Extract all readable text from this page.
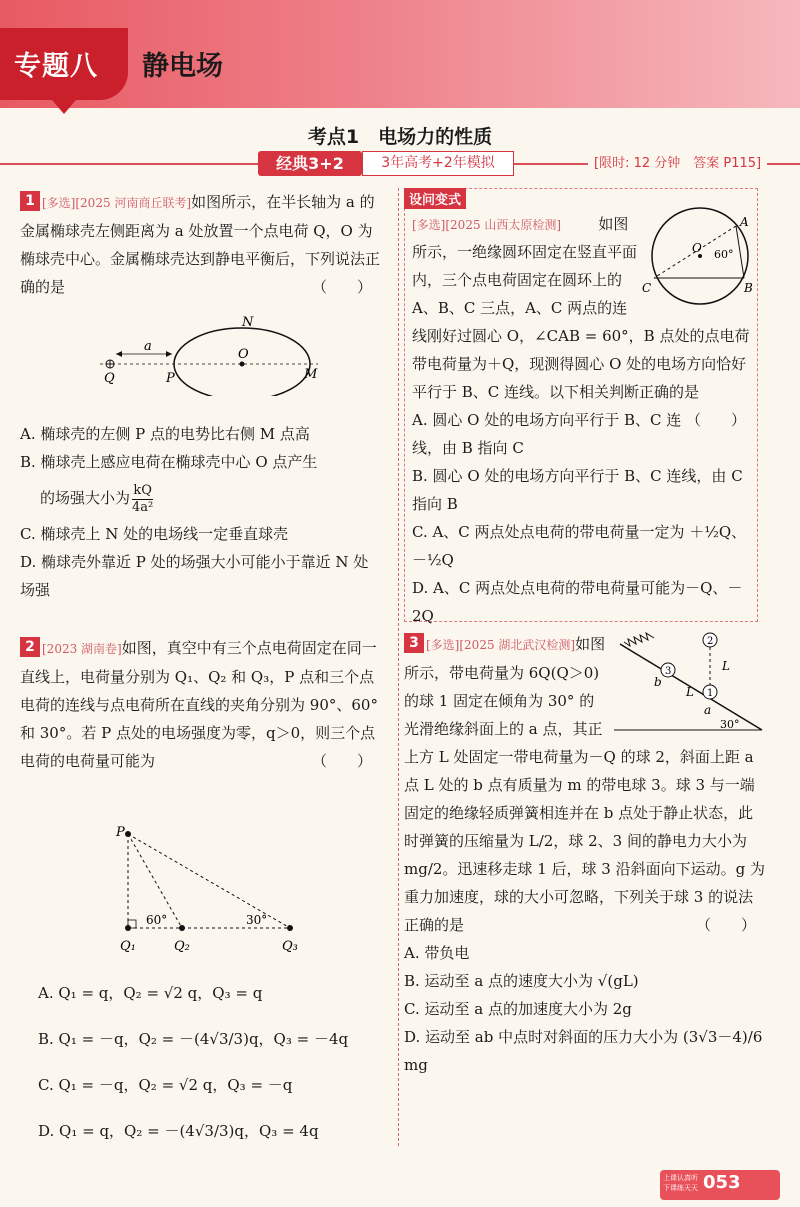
专题八 静电场
考点1　电场力的性质
经典3+2	3年高考+2年模拟	[限时: 12 分钟　答案 P115]
1 [多选][2025 河南商丘联考]如图所示，在半长轴为 a 的金属椭球壳左侧距离为 a 处放置一个点电荷 Q，O 为椭球壳中心。金属椭球壳达到静电平衡后，下列说法正确的是	（　　）
a
N
O
Q	P	M
A. 椭球壳的左侧 P 点的电势比右侧 M 点高
B. 椭球壳上感应电荷在椭球壳中心 O 点产生
的场强大小为 $\frac{kQ}{\text{4a²}}$
C. 椭球壳上 N 处的电场线一定垂直球壳
D. 椭球壳外靠近 P 处的场强大小可能小于靠近 N 处场强
2 [2023 湖南卷]如图，真空中有三个点电荷固定在同一直线上，电荷量分别为 Q₁、Q₂ 和 Q₃，P 点和三个点电荷的连线与点电荷所在直线的夹角分别为 90°、60°和 30°。若 P 点处的电场强度为零，q＞0，则三个点电荷的电荷量可能为	（　　）
P
60°	30°
Q₁	Q₂	Q₃
A. Q₁ = q，Q₂ = √2 q，Q₃ = q
B. Q₁ = －q，Q₂ = －(4√3/3)q，Q₃ = －4q
C. Q₁ = －q，Q₂ = √2 q，Q₃ = －q
D. Q₁ = q，Q₂ = －(4√3/3)q，Q₃ = 4q
设问变式
A
B
C
O 60°
[多选][2025 山西太原检测]	如图所示，一绝缘圆环固定在竖直平面内，三个点电荷固定在圆环上的 A、B、C 三点，A、C 两点的连线刚好过圆心 O，∠CAB = 60°，B 点处的点电荷带电荷量为＋Q，现测得圆心 O 处的电场方向恰好平行于 B、C 连线。以下相关判断正确的是
（　　）
A. 圆心 O 处的电场方向平行于 B、C 连线，由 B 指向 C
B. 圆心 O 处的电场方向平行于 B、C 连线，由 C 指向 B
C. A、C 两点处点电荷的带电荷量一定为 ＋½Q、－½Q
D. A、C 两点处点电荷的带电荷量可能为－Q、－2Q
3
1
2
L
L
b
a
30°
3 [多选][2025 湖北武汉检测]如图所示，带电荷量为 6Q(Q＞0) 的球 1 固定在倾角为 30° 的光滑绝缘斜面上的 a 点，其正上方 L 处固定一带电荷量为－Q 的球 2，斜面上距 a 点 L 处的 b 点有质量为 m 的带电球 3。球 3 与一端固定的绝缘轻质弹簧相连并在 b 点处于静止状态，此时弹簧的压缩量为 L/2，球 2、3 间的静电力大小为 mg/2。迅速移走球 1 后，球 3 沿斜面向下运动。g 为重力加速度，球的大小可忽略，下列关于球 3 的说法正确的是	（　　）
A. 带负电
B. 运动至 a 点的速度大小为 √(gL)
C. 运动至 a 点的加速度大小为 2g
D. 运动至 ab 中点时对斜面的压力大小为 (3√3－4)/6 mg
上课认真听
下课练天天 053
